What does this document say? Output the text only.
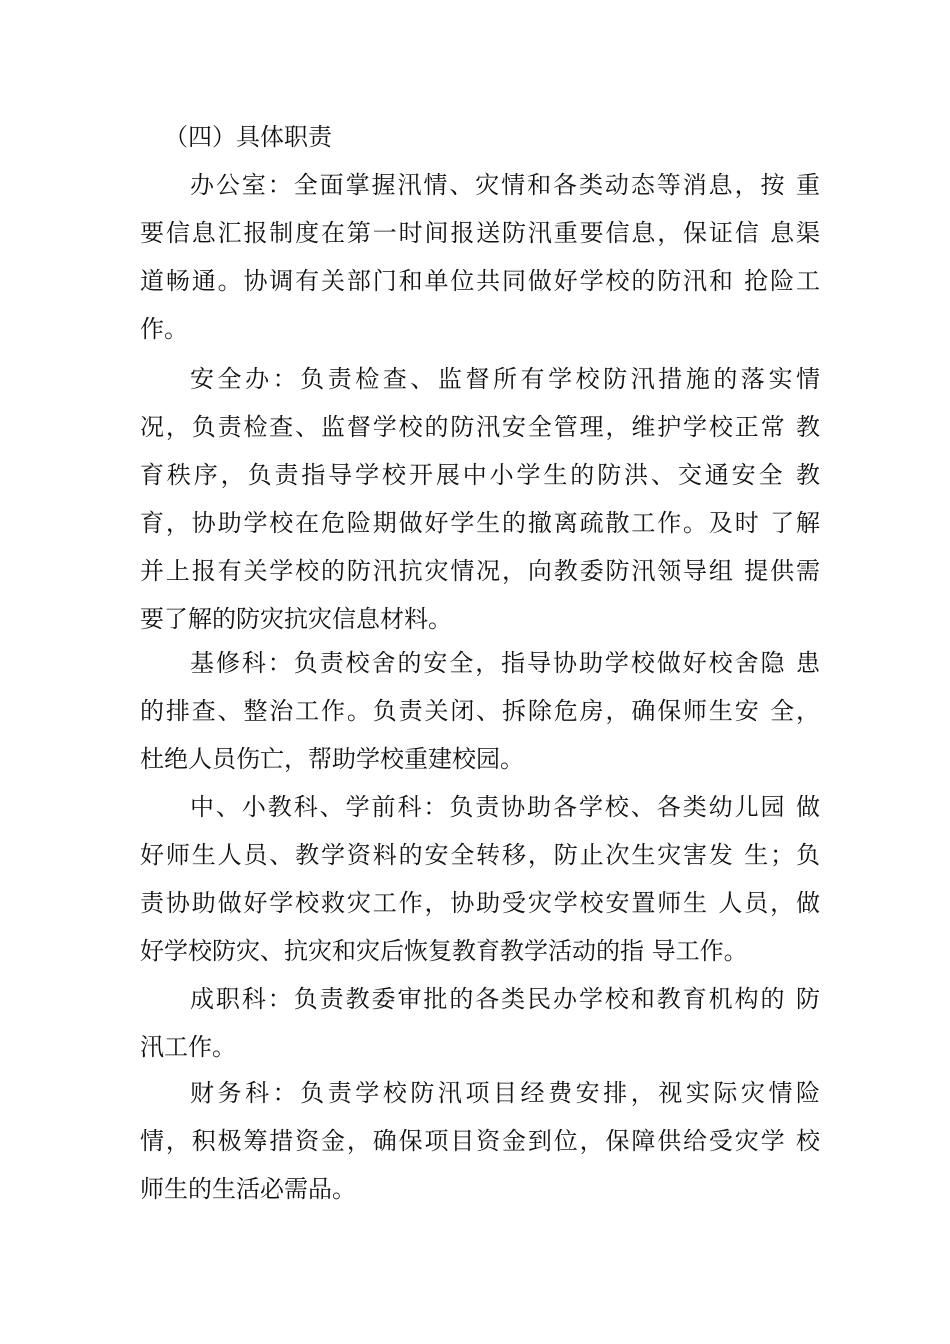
（四）具体职责
办公室：全面掌握汛情、灾情和各类动态等消息，按 重
要信息汇报制度在第一时间报送防汛重要信息，保证信 息渠
道畅通。协调有关部门和单位共同做好学校的防汛和 抢险工
作。
安全办：负责检查、监督所有学校防汛措施的落实情
况，负责检查、监督学校的防汛安全管理，维护学校正常 教
育秩序，负责指导学校开展中小学生的防洪、交通安全 教
育，协助学校在危险期做好学生的撤离疏散工作。及时 了解
并上报有关学校的防汛抗灾情况，向教委防汛领导组 提供需
要了解的防灾抗灾信息材料。
基修科：负责校舍的安全，指导协助学校做好校舍隐 患
的排查、整治工作。负责关闭、拆除危房，确保师生安 全，
杜绝人员伤亡，帮助学校重建校园。
中、小教科、学前科：负责协助各学校、各类幼儿园 做
好师生人员、教学资料的安全转移，防止次生灾害发 生；负
责协助做好学校救灾工作，协助受灾学校安置师生 人员，做
好学校防灾、抗灾和灾后恢复教育教学活动的指 导工作。
成职科：负责教委审批的各类民办学校和教育机构的 防
汛工作。
财务科：负责学校防汛项目经费安排，视实际灾情险
情，积极筹措资金，确保项目资金到位，保障供给受灾学 校
师生的生活必需品。
